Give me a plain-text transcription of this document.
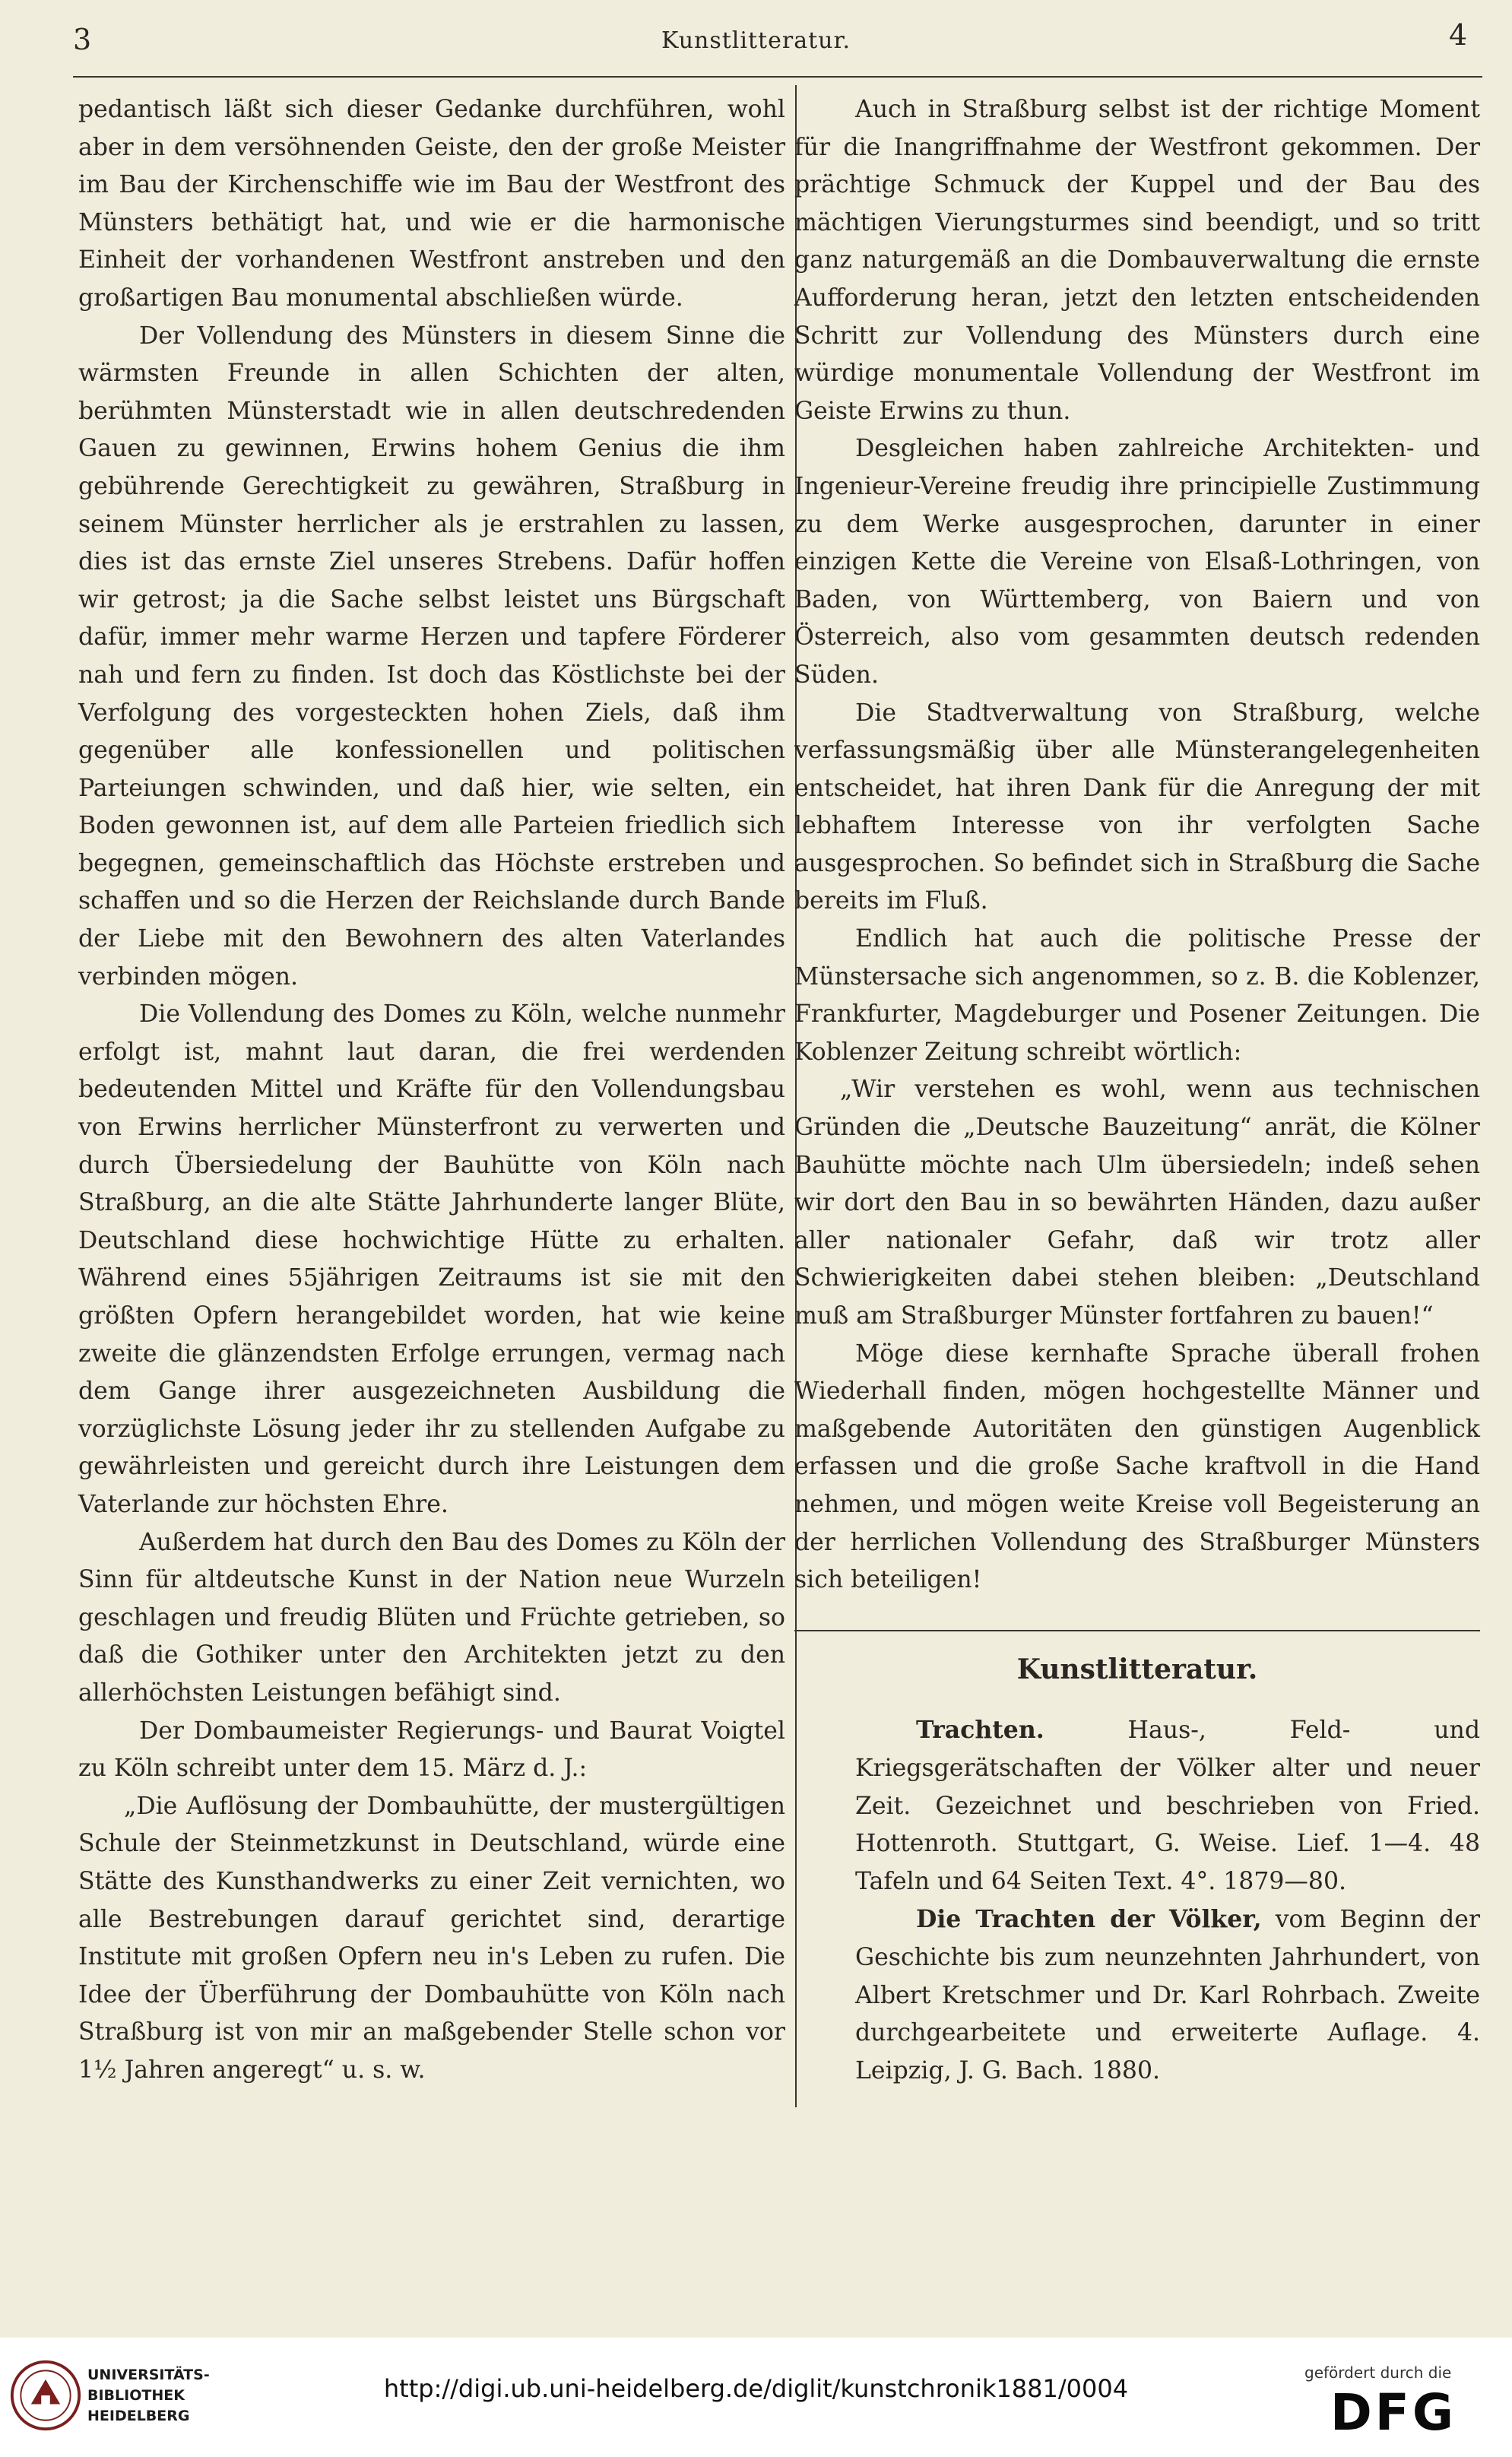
3	Kunstlitteratur.	4

pedantisch läßt sich dieser Gedanke durchführen, wohl aber in dem versöhnenden Geiste, den der große Meister im Bau der Kirchenschiffe wie im Bau der Westfront des Münsters bethätigt hat, und wie er die harmonische Einheit der vorhandenen Westfront anstreben und den großartigen Bau monumental abschließen würde.

Der Vollendung des Münsters in diesem Sinne die wärmsten Freunde in allen Schichten der alten, berühmten Münsterstadt wie in allen deutschredenden Gauen zu gewinnen, Erwins hohem Genius die ihm gebührende Gerechtigkeit zu gewähren, Straßburg in seinem Münster herrlicher als je erstrahlen zu lassen, dies ist das ernste Ziel unseres Strebens. Dafür hoffen wir getrost; ja die Sache selbst leistet uns Bürgschaft dafür, immer mehr warme Herzen und tapfere Förderer nah und fern zu finden. Ist doch das Köstlichste bei der Verfolgung des vorgesteckten hohen Ziels, daß ihm gegenüber alle konfessionellen und politischen Parteiungen schwinden, und daß hier, wie selten, ein Boden gewonnen ist, auf dem alle Parteien friedlich sich begegnen, gemeinschaftlich das Höchste erstreben und schaffen und so die Herzen der Reichslande durch Bande der Liebe mit den Bewohnern des alten Vaterlandes verbinden mögen.

Die Vollendung des Domes zu Köln, welche nunmehr erfolgt ist, mahnt laut daran, die frei werdenden bedeutenden Mittel und Kräfte für den Vollendungsbau von Erwins herrlicher Münsterfront zu verwerten und durch Übersiedelung der Bauhütte von Köln nach Straßburg, an die alte Stätte Jahrhunderte langer Blüte, Deutschland diese hochwichtige Hütte zu erhalten. Während eines 55jährigen Zeitraums ist sie mit den größten Opfern herangebildet worden, hat wie keine zweite die glänzendsten Erfolge errungen, vermag nach dem Gange ihrer ausgezeichneten Ausbildung die vorzüglichste Lösung jeder ihr zu stellenden Aufgabe zu gewährleisten und gereicht durch ihre Leistungen dem Vaterlande zur höchsten Ehre.

Außerdem hat durch den Bau des Domes zu Köln der Sinn für altdeutsche Kunst in der Nation neue Wurzeln geschlagen und freudig Blüten und Früchte getrieben, so daß die Gothiker unter den Architekten jetzt zu den allerhöchsten Leistungen befähigt sind.

Der Dombaumeister Regierungs- und Baurat Voigtel zu Köln schreibt unter dem 15. März d. J.:

„Die Auflösung der Dombauhütte, der mustergültigen Schule der Steinmetzkunst in Deutschland, würde eine Stätte des Kunsthandwerks zu einer Zeit vernichten, wo alle Bestrebungen darauf gerichtet sind, derartige Institute mit großen Opfern neu in's Leben zu rufen. Die Idee der Überführung der Dombauhütte von Köln nach Straßburg ist von mir an maßgebender Stelle schon vor 1½ Jahren angeregt“ u. s. w.

Auch in Straßburg selbst ist der richtige Moment für die Inangriffnahme der Westfront gekommen. Der prächtige Schmuck der Kuppel und der Bau des mächtigen Vierungsturmes sind beendigt, und so tritt ganz naturgemäß an die Dombauverwaltung die ernste Aufforderung heran, jetzt den letzten entscheidenden Schritt zur Vollendung des Münsters durch eine würdige monumentale Vollendung der Westfront im Geiste Erwins zu thun.

Desgleichen haben zahlreiche Architekten- und Ingenieur-Vereine freudig ihre principielle Zustimmung zu dem Werke ausgesprochen, darunter in einer einzigen Kette die Vereine von Elsaß-Lothringen, von Baden, von Württemberg, von Baiern und von Österreich, also vom gesammten deutsch redenden Süden.

Die Stadtverwaltung von Straßburg, welche verfassungsmäßig über alle Münsterangelegenheiten entscheidet, hat ihren Dank für die Anregung der mit lebhaftem Interesse von ihr verfolgten Sache ausgesprochen. So befindet sich in Straßburg die Sache bereits im Fluß.

Endlich hat auch die politische Presse der Münstersache sich angenommen, so z. B. die Koblenzer, Frankfurter, Magdeburger und Posener Zeitungen. Die Koblenzer Zeitung schreibt wörtlich:

„Wir verstehen es wohl, wenn aus technischen Gründen die „Deutsche Bauzeitung“ anrät, die Kölner Bauhütte möchte nach Ulm übersiedeln; indeß sehen wir dort den Bau in so bewährten Händen, dazu außer aller nationaler Gefahr, daß wir trotz aller Schwierigkeiten dabei stehen bleiben: „Deutschland muß am Straßburger Münster fortfahren zu bauen!“

Möge diese kernhafte Sprache überall frohen Wiederhall finden, mögen hochgestellte Männer und maßgebende Autoritäten den günstigen Augenblick erfassen und die große Sache kraftvoll in die Hand nehmen, und mögen weite Kreise voll Begeisterung an der herrlichen Vollendung des Straßburger Münsters sich beteiligen!

Kunstlitteratur.

Trachten.	Haus-, Feld- und Kriegsgerätschaften der Völker alter und neuer Zeit. Gezeichnet und beschrieben von Fried. Hottenroth. Stuttgart, G. Weise. Lief. 1—4. 48 Tafeln und 64 Seiten Text. 4°. 1879—80.

Die Trachten der Völker, vom Beginn der Geschichte bis zum neunzehnten Jahrhundert, von Albert Kretschmer und Dr. Karl Rohrbach. Zweite durchgearbeitete und erweiterte Auflage. 4. Leipzig, J. G. Bach. 1880.

UNIVERSITÄTS-
BIBLIOTHEK
HEIDELBERG
http://digi.ub.uni-heidelberg.de/diglit/kunstchronik1881/0004
gefördert durch die
DFG
